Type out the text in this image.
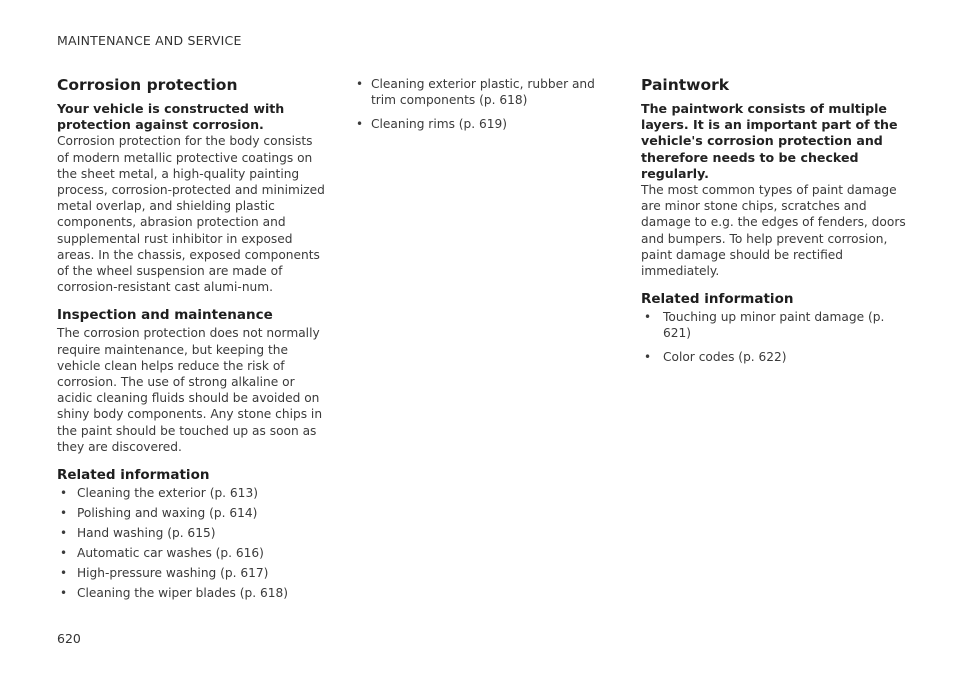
MAINTENANCE AND SERVICE
Corrosion protection

Your vehicle is constructed with protection against corrosion.

Corrosion protection for the body consists of modern metallic protective coatings on the sheet metal, a high-quality painting process, corrosion-protected and minimized metal overlap, and shielding plastic components, abrasion protection and supplemental rust inhibitor in exposed areas. In the chassis, exposed components of the wheel suspension are made of corrosion-resistant cast alumi-num.

Inspection and maintenance

The corrosion protection does not normally require maintenance, but keeping the vehicle clean helps reduce the risk of corrosion. The use of strong alkaline or acidic cleaning fluids should be avoided on shiny body components. Any stone chips in the paint should be touched up as soon as they are discovered.

Related information
• Cleaning the exterior (p. 613)
• Polishing and waxing (p. 614)
• Hand washing (p. 615)
• Automatic car washes (p. 616)
• High-pressure washing (p. 617)
• Cleaning the wiper blades (p. 618)
• Cleaning exterior plastic, rubber and trim components (p. 618)
• Cleaning rims (p. 619)
Paintwork

The paintwork consists of multiple layers. It is an important part of the vehicle's corrosion protection and therefore needs to be checked regularly.

The most common types of paint damage are minor stone chips, scratches and damage to e.g. the edges of fenders, doors and bumpers. To help prevent corrosion, paint damage should be rectified immediately.

Related information
• Touching up minor paint damage (p. 621)
• Color codes (p. 622)
620
